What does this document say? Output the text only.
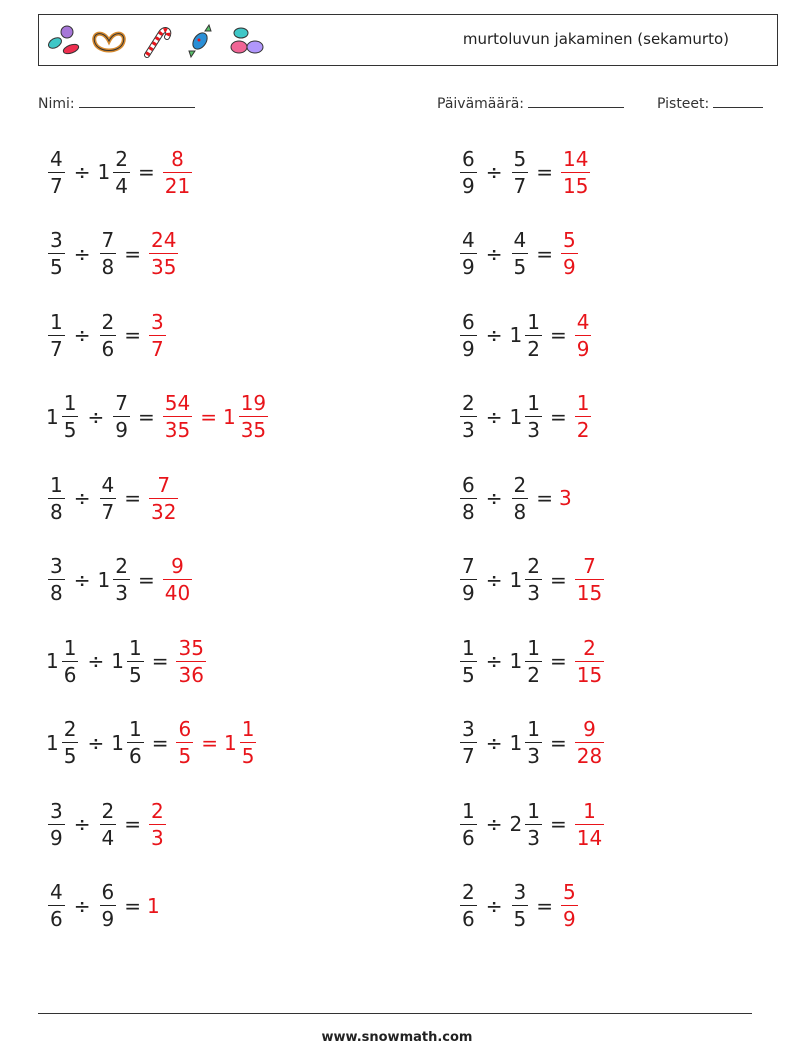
murtoluvun jakaminen (sekamurto)
Nimi:	Päivämäärä:	Pisteet:
$\frac{4}{7} \div 1 \frac{2}{4} = \frac{8}{21}$	$\frac{6}{9} \div \frac{5}{7} = \frac{14}{15}$
$\frac{3}{5} \div \frac{7}{8} = \frac{24}{35}$	$\frac{4}{9} \div \frac{4}{5} = \frac{5}{9}$
$\frac{1}{7} \div \frac{2}{6} = \frac{3}{7}$	$\frac{6}{9} \div 1 \frac{1}{2} = \frac{4}{9}$
$1 \frac{1}{5} \div \frac{7}{9} = \frac{54}{35} = 1 \frac{19}{35}$	$\frac{2}{3} \div 1 \frac{1}{3} = \frac{1}{2}$
$\frac{1}{8} \div \frac{4}{7} = \frac{7}{32}$	$\frac{6}{8} \div \frac{2}{8} = 3$
$\frac{3}{8} \div 1 \frac{2}{3} = \frac{9}{40}$	$\frac{7}{9} \div 1 \frac{2}{3} = \frac{7}{15}$
$1 \frac{1}{6} \div 1 \frac{1}{5} = \frac{35}{36}$	$\frac{1}{5} \div 1 \frac{1}{2} = \frac{2}{15}$
$1 \frac{2}{5} \div 1 \frac{1}{6} = \frac{6}{5} = 1 \frac{1}{5}$	$\frac{3}{7} \div 1 \frac{1}{3} = \frac{9}{28}$
$\frac{3}{9} \div \frac{2}{4} = \frac{2}{3}$	$\frac{1}{6} \div 2 \frac{1}{3} = \frac{1}{14}$
$\frac{4}{6} \div \frac{6}{9} = 1$	$\frac{2}{6} \div \frac{3}{5} = \frac{5}{9}$
www.snowmath.com
